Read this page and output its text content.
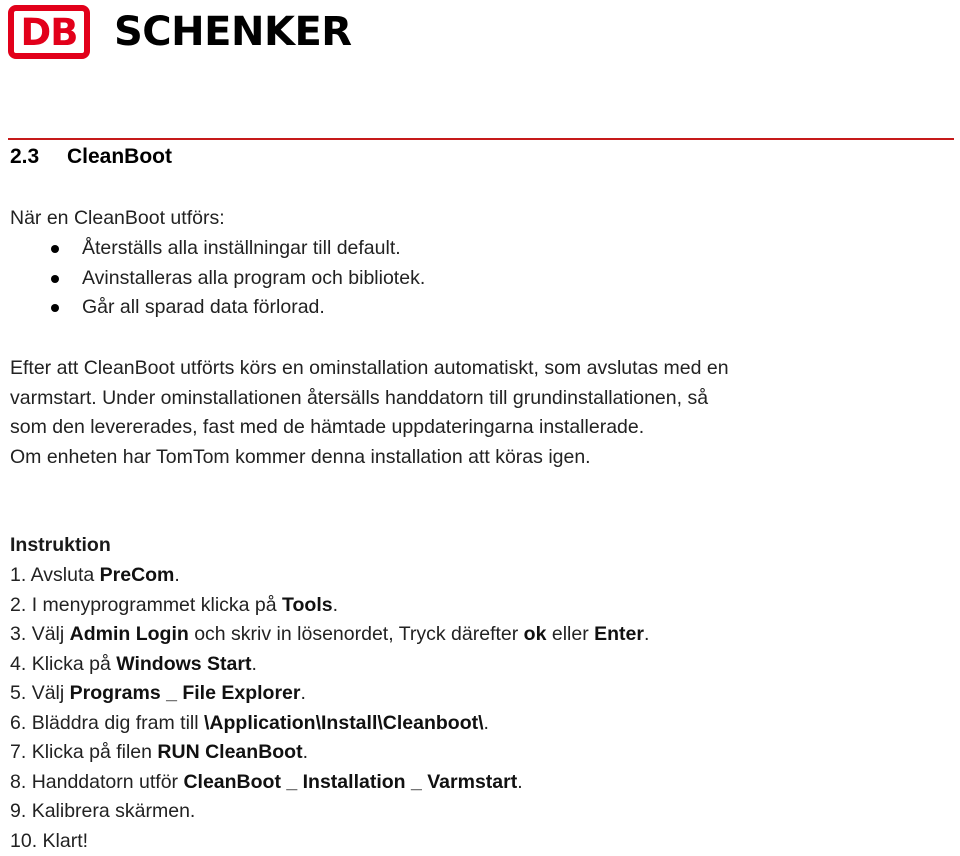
DB SCHENKER
2.3 CleanBoot

När en CleanBoot utförs:

Återställs alla inställningar till default.
Avinstalleras alla program och bibliotek.
Går all sparad data förlorad.

Efter att CleanBoot utförts körs en ominstallation automatiskt, som avslutas med en
varmstart. Under ominstallationen återsälls handdatorn till grundinstallationen, så
som den levererades, fast med de hämtade uppdateringarna installerade.
Om enheten har TomTom kommer denna installation att köras igen.

Instruktion

1. Avsluta PreCom.
2. I menyprogrammet klicka på Tools.
3. Välj Admin Login och skriv in lösenordet, Tryck därefter ok eller Enter.
4. Klicka på Windows Start.
5. Välj Programs _ File Explorer.
6. Bläddra dig fram till \Application\Install\Cleanboot\.
7. Klicka på filen RUN CleanBoot.
8. Handdatorn utför CleanBoot _ Installation _ Varmstart.
9. Kalibrera skärmen.
10. Klart!
